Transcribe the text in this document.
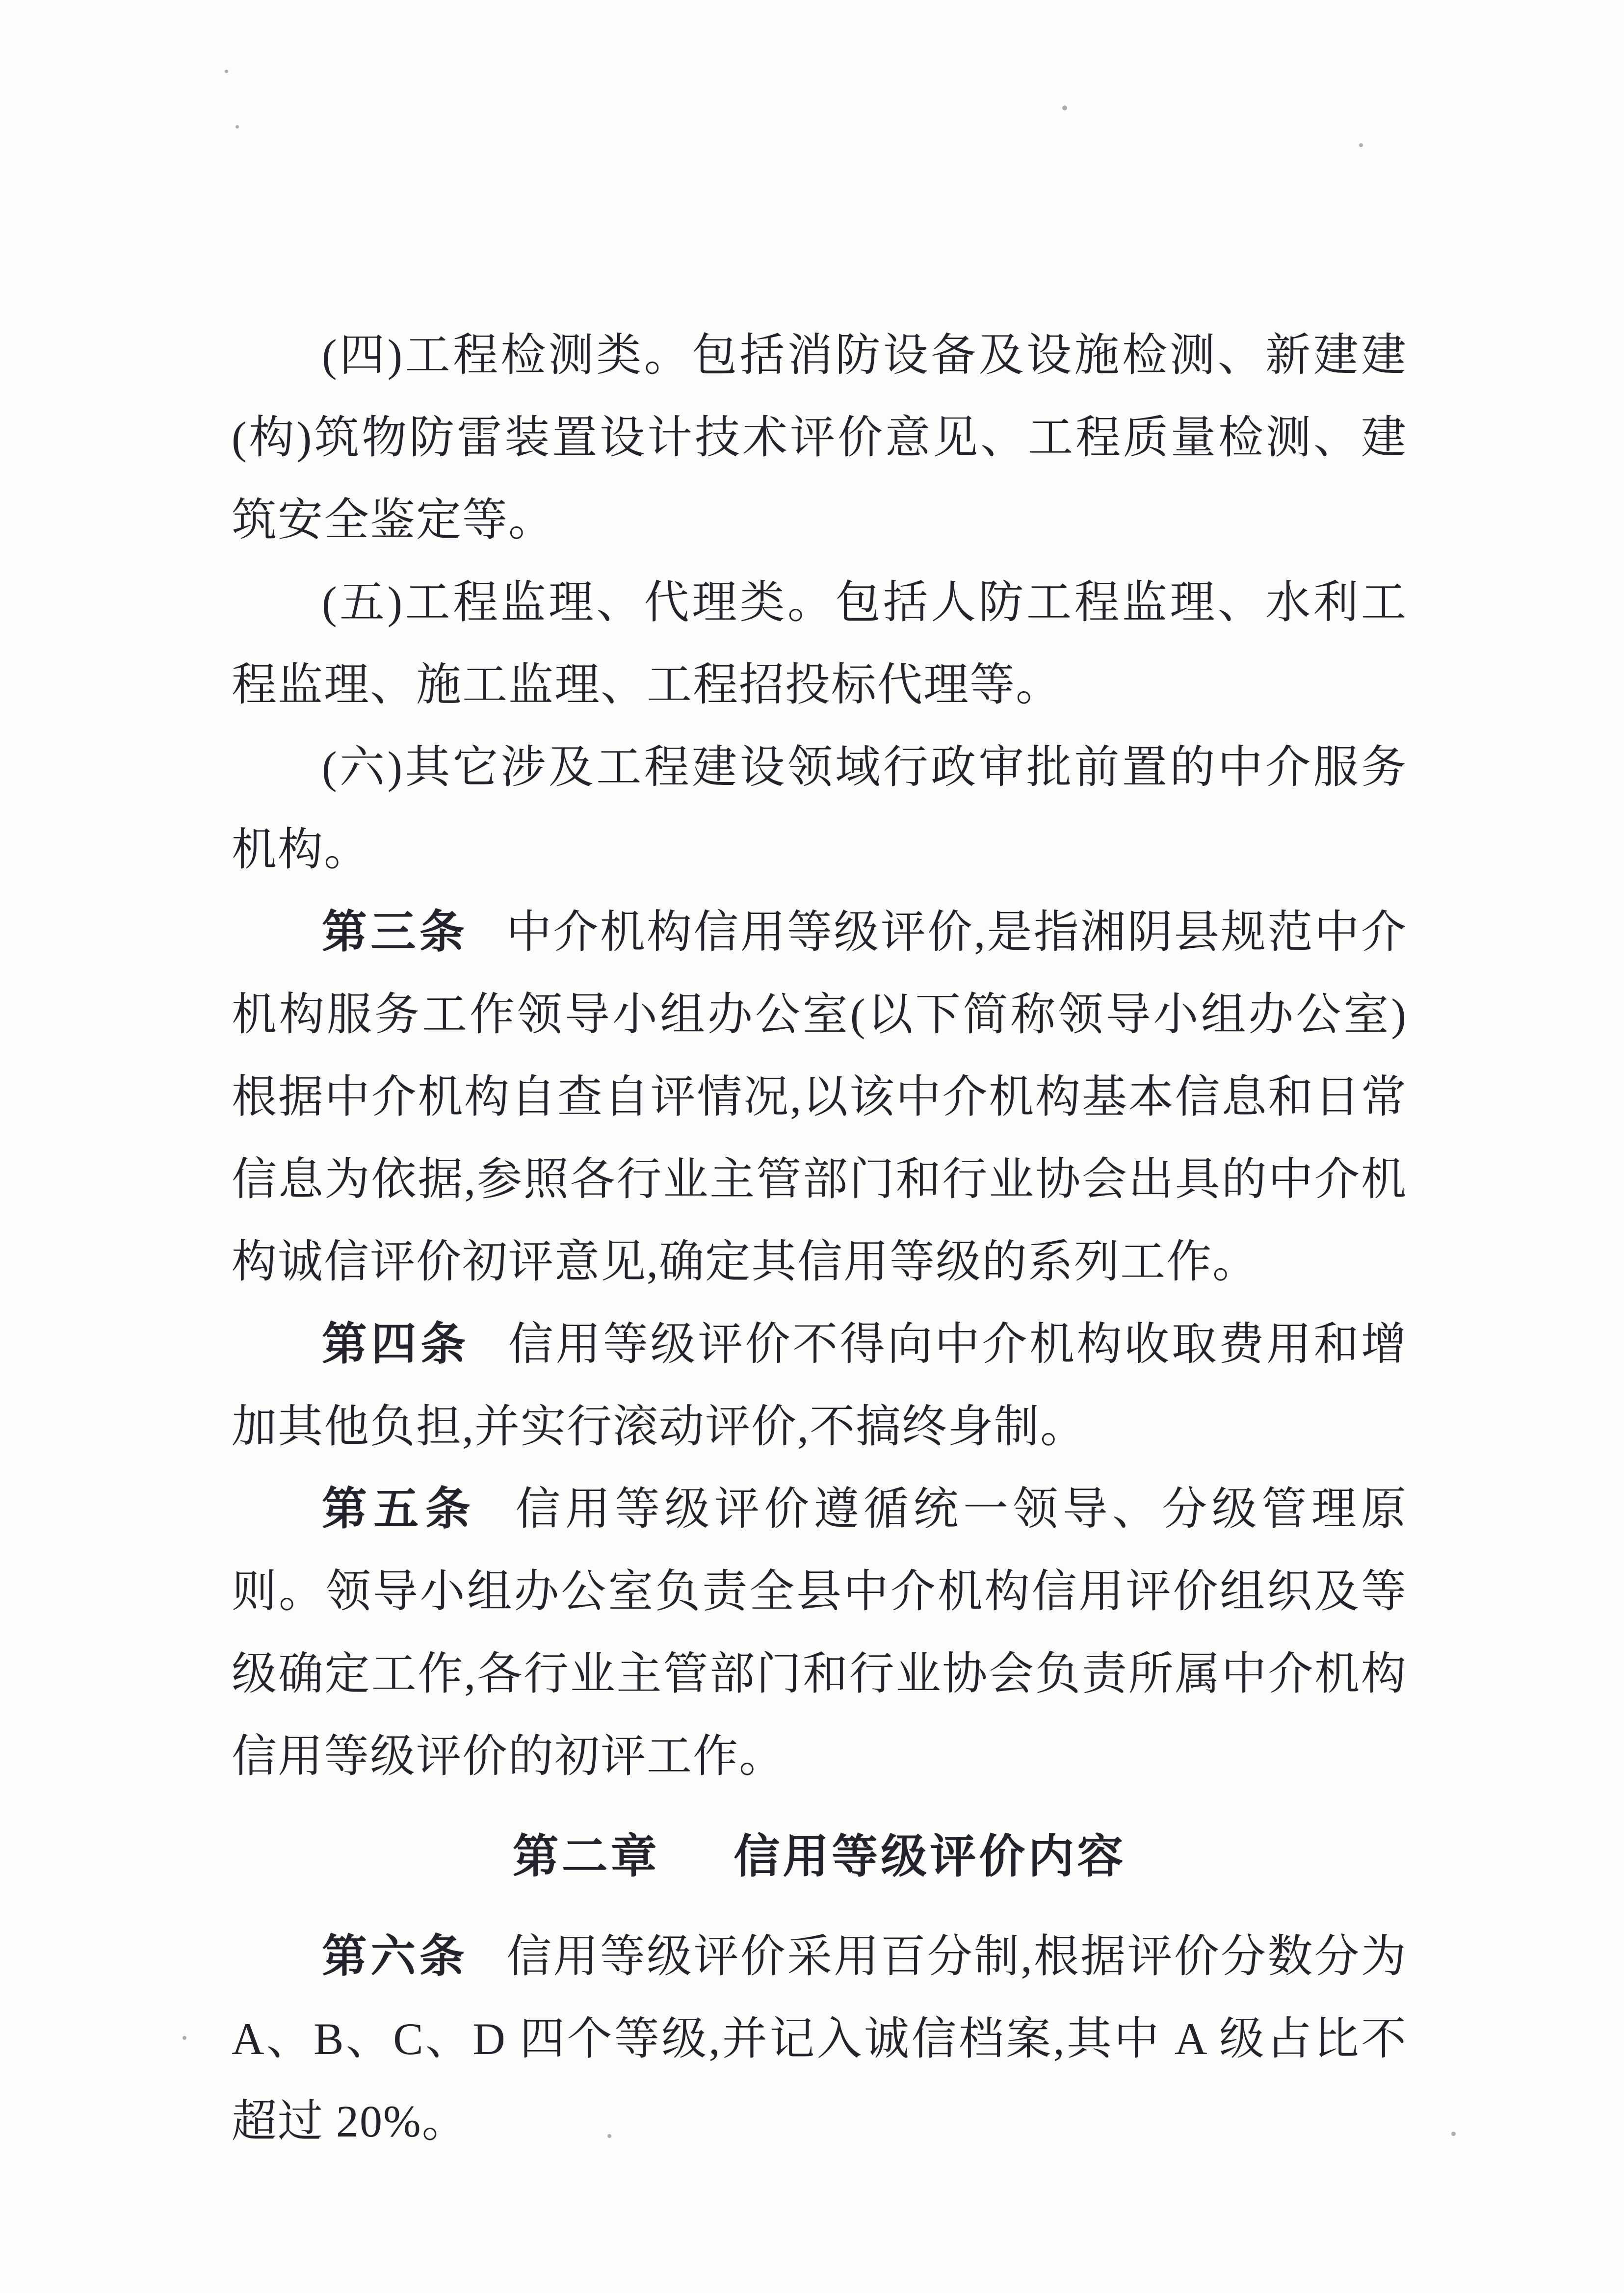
(四)工程检测类。包括消防设备及设施检测、新建建(构)筑物防雷装置设计技术评价意见、工程质量检测、建筑安全鉴定等。

(五)工程监理、代理类。包括人防工程监理、水利工程监理、施工监理、工程招投标代理等。

(六)其它涉及工程建设领域行政审批前置的中介服务机构。

第三条 中介机构信用等级评价,是指湘阴县规范中介机构服务工作领导小组办公室(以下简称领导小组办公室)根据中介机构自查自评情况,以该中介机构基本信息和日常信息为依据,参照各行业主管部门和行业协会出具的中介机构诚信评价初评意见,确定其信用等级的系列工作。

第四条 信用等级评价不得向中介机构收取费用和增加其他负担,并实行滚动评价,不搞终身制。

第五条 信用等级评价遵循统一领导、分级管理原则。领导小组办公室负责全县中介机构信用评价组织及等级确定工作,各行业主管部门和行业协会负责所属中介机构信用等级评价的初评工作。

第二章 信用等级评价内容

第六条 信用等级评价采用百分制,根据评价分数分为 A、B、C、D 四个等级,并记入诚信档案,其中 A 级占比不超过 20%。
